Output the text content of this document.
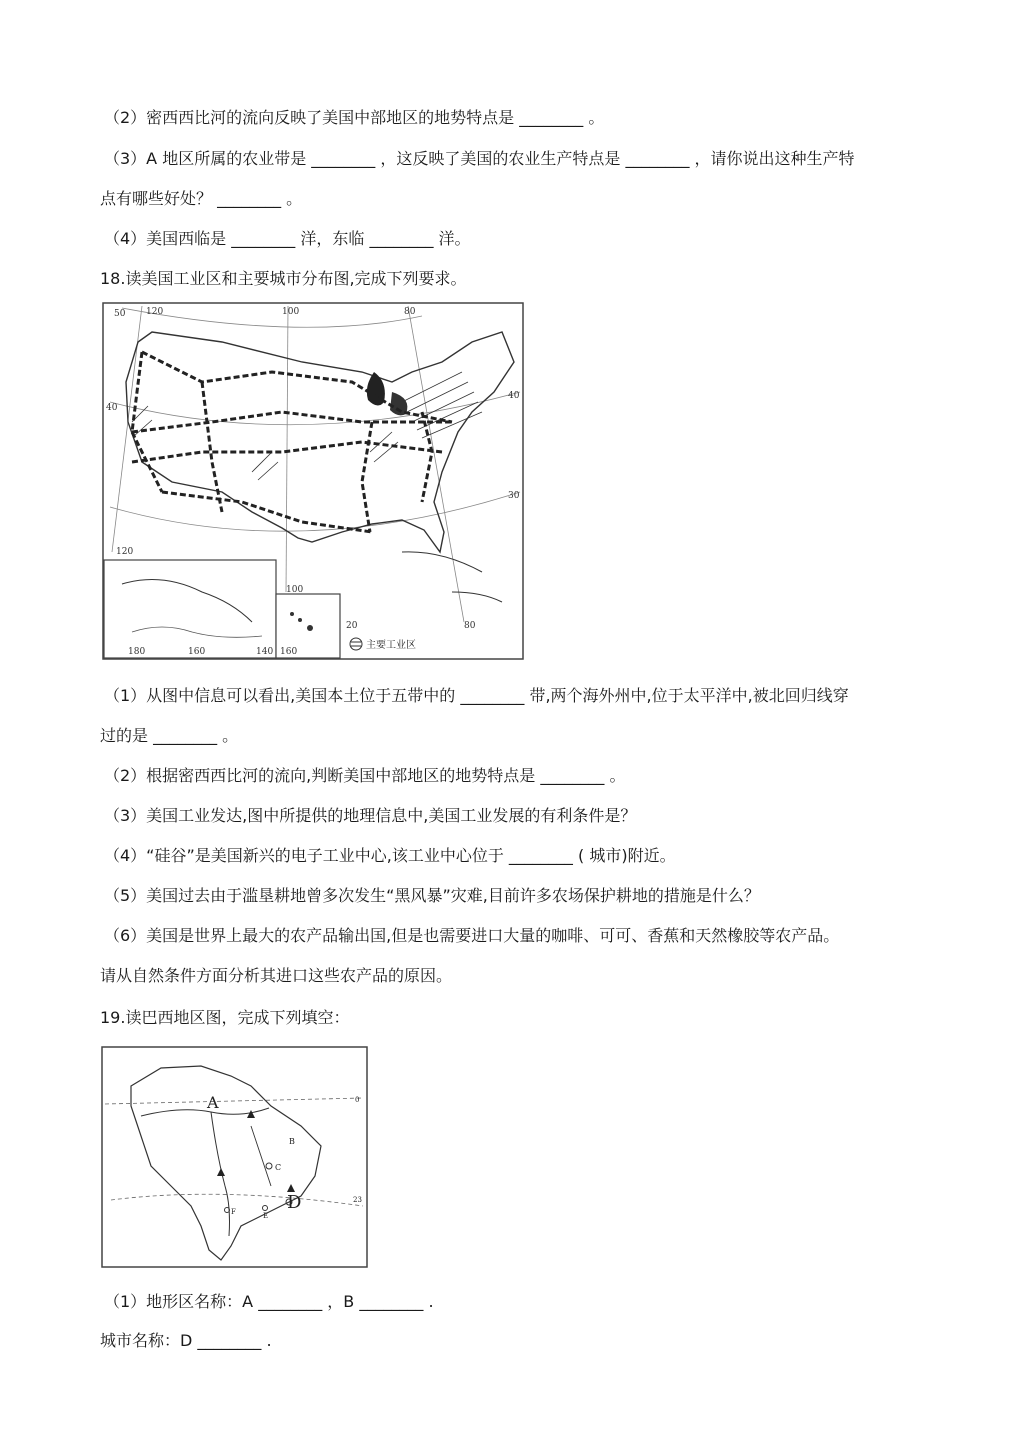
（2）密西西比河的流向反映了美国中部地区的地势特点是 ________ 。
（3）A 地区所属的农业带是 ________ ，这反映了美国的农业生产特点是 ________ ，请你说出这种生产特
点有哪些好处？ ________ 。
（4）美国西临是 ________ 洋，东临 ________ 洋。
18.读美国工业区和主要城市分布图,完成下列要求。
120	100	80
120
100
80
180	160	140 160
50
40
40
30
20
主要工业区
（1）从图中信息可以看出,美国本土位于五带中的 ________ 带,两个海外州中,位于太平洋中,被北回归线穿
过的是 ________ 。
（2）根据密西西比河的流向,判断美国中部地区的地势特点是 ________ 。
（3）美国工业发达,图中所提供的地理信息中,美国工业发展的有利条件是？
（4）“硅谷”是美国新兴的电子工业中心,该工业中心位于 ________ ( 城市)附近。
（5）美国过去由于滥垦耕地曾多次发生“黑风暴”灾难,目前许多农场保护耕地的措施是什么？
（6）美国是世界上最大的农产品输出国,但是也需要进口大量的咖啡、可可、香蕉和天然橡胶等农产品。
请从自然条件方面分析其进口这些农产品的原因。
19.读巴西地区图，完成下列填空：
A
B
C
D
E
F
0
23
（1）地形区名称：A ________ ，B ________ .
城市名称：D ________ .
